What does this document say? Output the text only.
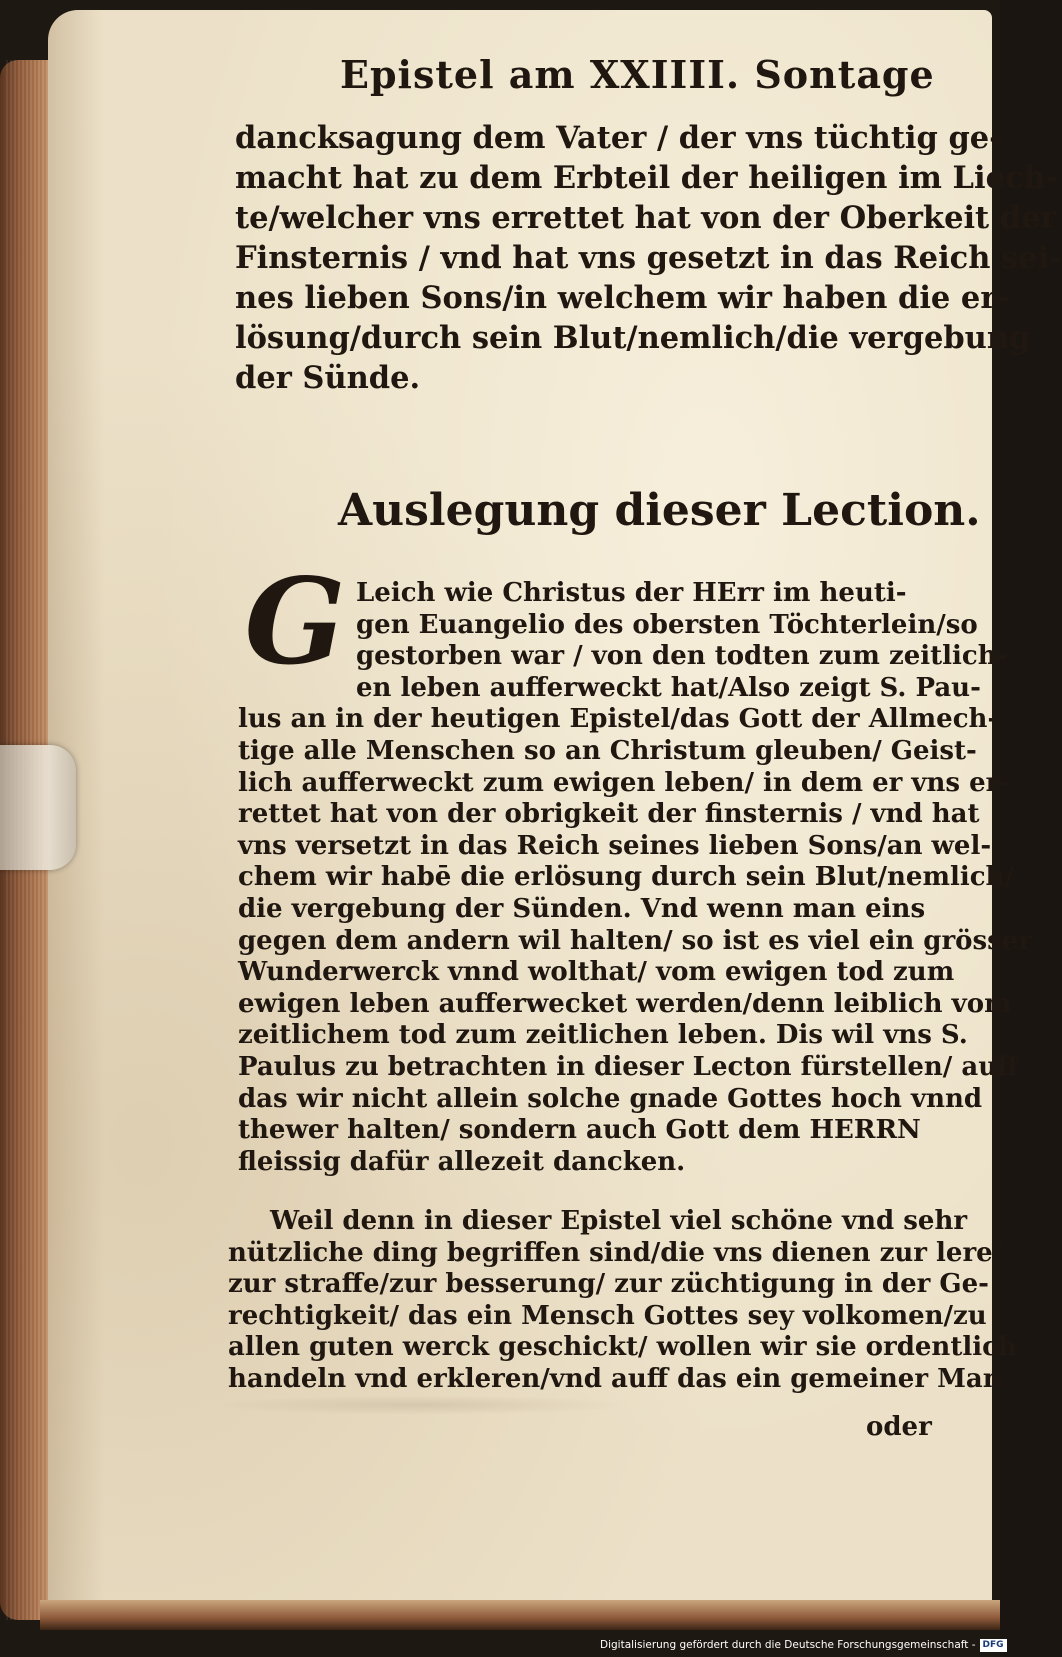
Epistel am XXIIII. Sontage
dancksagung dem Vater / der vns tüchtig ge-
macht hat zu dem Erbteil der heiligen im Liech-
te/welcher vns errettet hat von der Oberkeit der
Finsternis / vnd hat vns gesetzt in das Reich sei-
nes lieben Sons/in welchem wir haben die er-
lösung/durch sein Blut/nemlich/die vergebung
der Sünde.
Auslegung dieser Lection.
G Leich wie Christus der HErr im heuti-
gen Euangelio des obersten Töchterlein/so
gestorben war / von den todten zum zeitlich-
en leben aufferweckt hat/Also zeigt S. Pau-
lus an in der heutigen Epistel/das Gott der Allmech-
tige alle Menschen so an Christum gleuben/ Geist-
lich aufferweckt zum ewigen leben/ in dem er vns er-
rettet hat von der obrigkeit der finsternis / vnd hat
vns versetzt in das Reich seines lieben Sons/an wel-
chem wir habē die erlösung durch sein Blut/nemlich/
die vergebung der Sünden. Vnd wenn man eins
gegen dem andern wil halten/ so ist es viel ein grösser
Wunderwerck vnnd wolthat/ vom ewigen tod zum
ewigen leben aufferwecket werden/denn leiblich vom
zeitlichem tod zum zeitlichen leben. Dis wil vns S.
Paulus zu betrachten in dieser Lecton fürstellen/ auff
das wir nicht allein solche gnade Gottes hoch vnnd
thewer halten/ sondern auch Gott dem HERRN
fleissig dafür allezeit dancken.
Weil denn in dieser Epistel viel schöne vnd sehr
nützliche ding begriffen sind/die vns dienen zur lere/
zur straffe/zur besserung/ zur züchtigung in der Ge-
rechtigkeit/ das ein Mensch Gottes sey volkomen/zu
allen guten werck geschickt/ wollen wir sie ordentlich
handeln vnd erkleren/vnd auff das ein gemeiner Man
oder
Digitalisierung gefördert durch die Deutsche Forschungsgemeinschaft - DFG
